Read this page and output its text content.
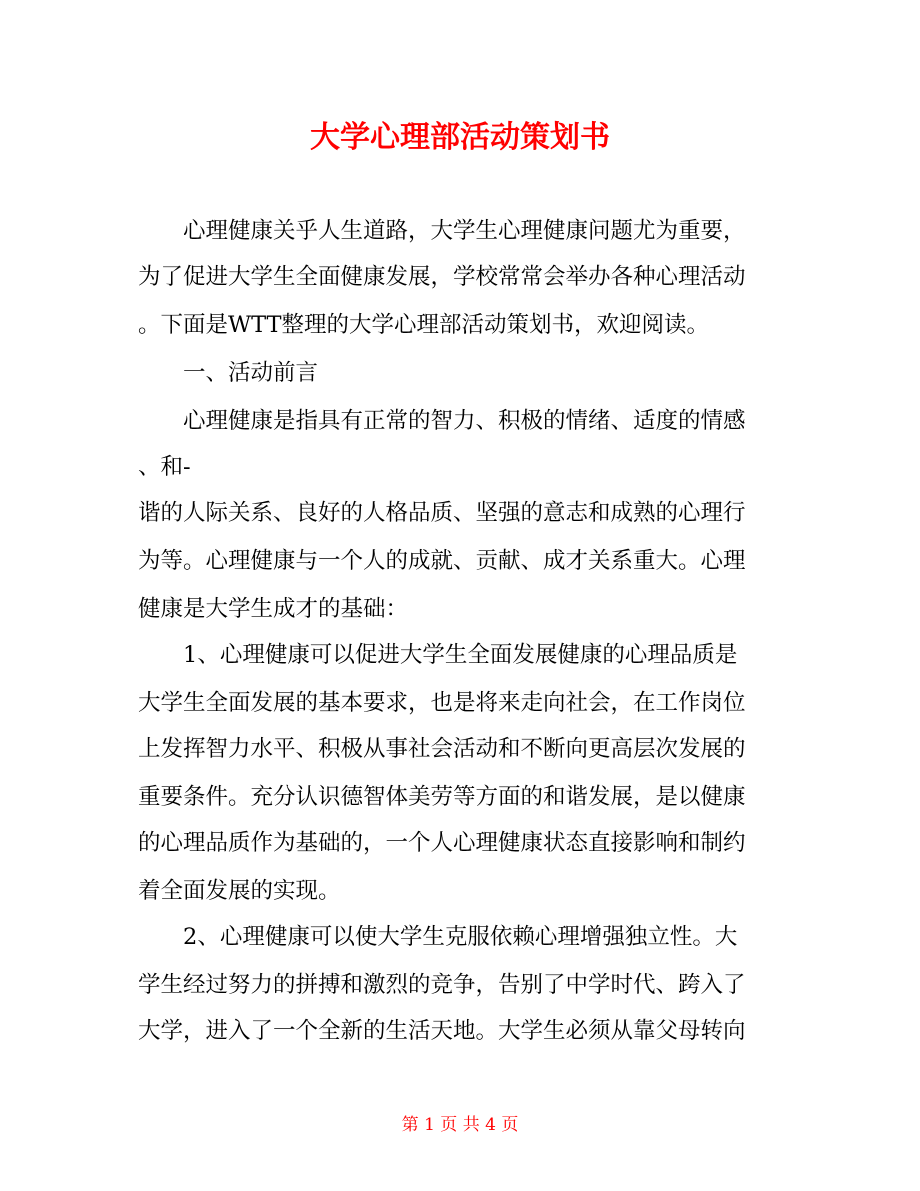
大学心理部活动策划书

　　心理健康关乎人生道路，大学生心理健康问题尤为重要，

为了促进大学生全面健康发展，学校常常会举办各种心理活动

。下面是WTT整理的大学心理部活动策划书，欢迎阅读。

　　一、活动前言

　　心理健康是指具有正常的智力、积极的情绪、适度的情感

、和-

谐的人际关系、良好的人格品质、坚强的意志和成熟的心理行

为等。心理健康与一个人的成就、贡献、成才关系重大。心理

健康是大学生成才的基础：

　　1、心理健康可以促进大学生全面发展健康的心理品质是

大学生全面发展的基本要求，也是将来走向社会，在工作岗位

上发挥智力水平、积极从事社会活动和不断向更高层次发展的

重要条件。充分认识德智体美劳等方面的和谐发展，是以健康

的心理品质作为基础的，一个人心理健康状态直接影响和制约

着全面发展的实现。

　　2、心理健康可以使大学生克服依赖心理增强独立性。大

学生经过努力的拼搏和激烈的竞争，告别了中学时代、跨入了

大学，进入了一个全新的生活天地。大学生必须从靠父母转向

第 1 页 共 4 页
